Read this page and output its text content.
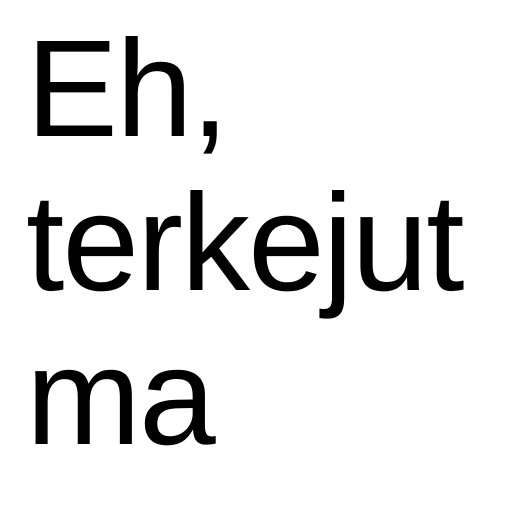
Eh,
terkejut
ma
